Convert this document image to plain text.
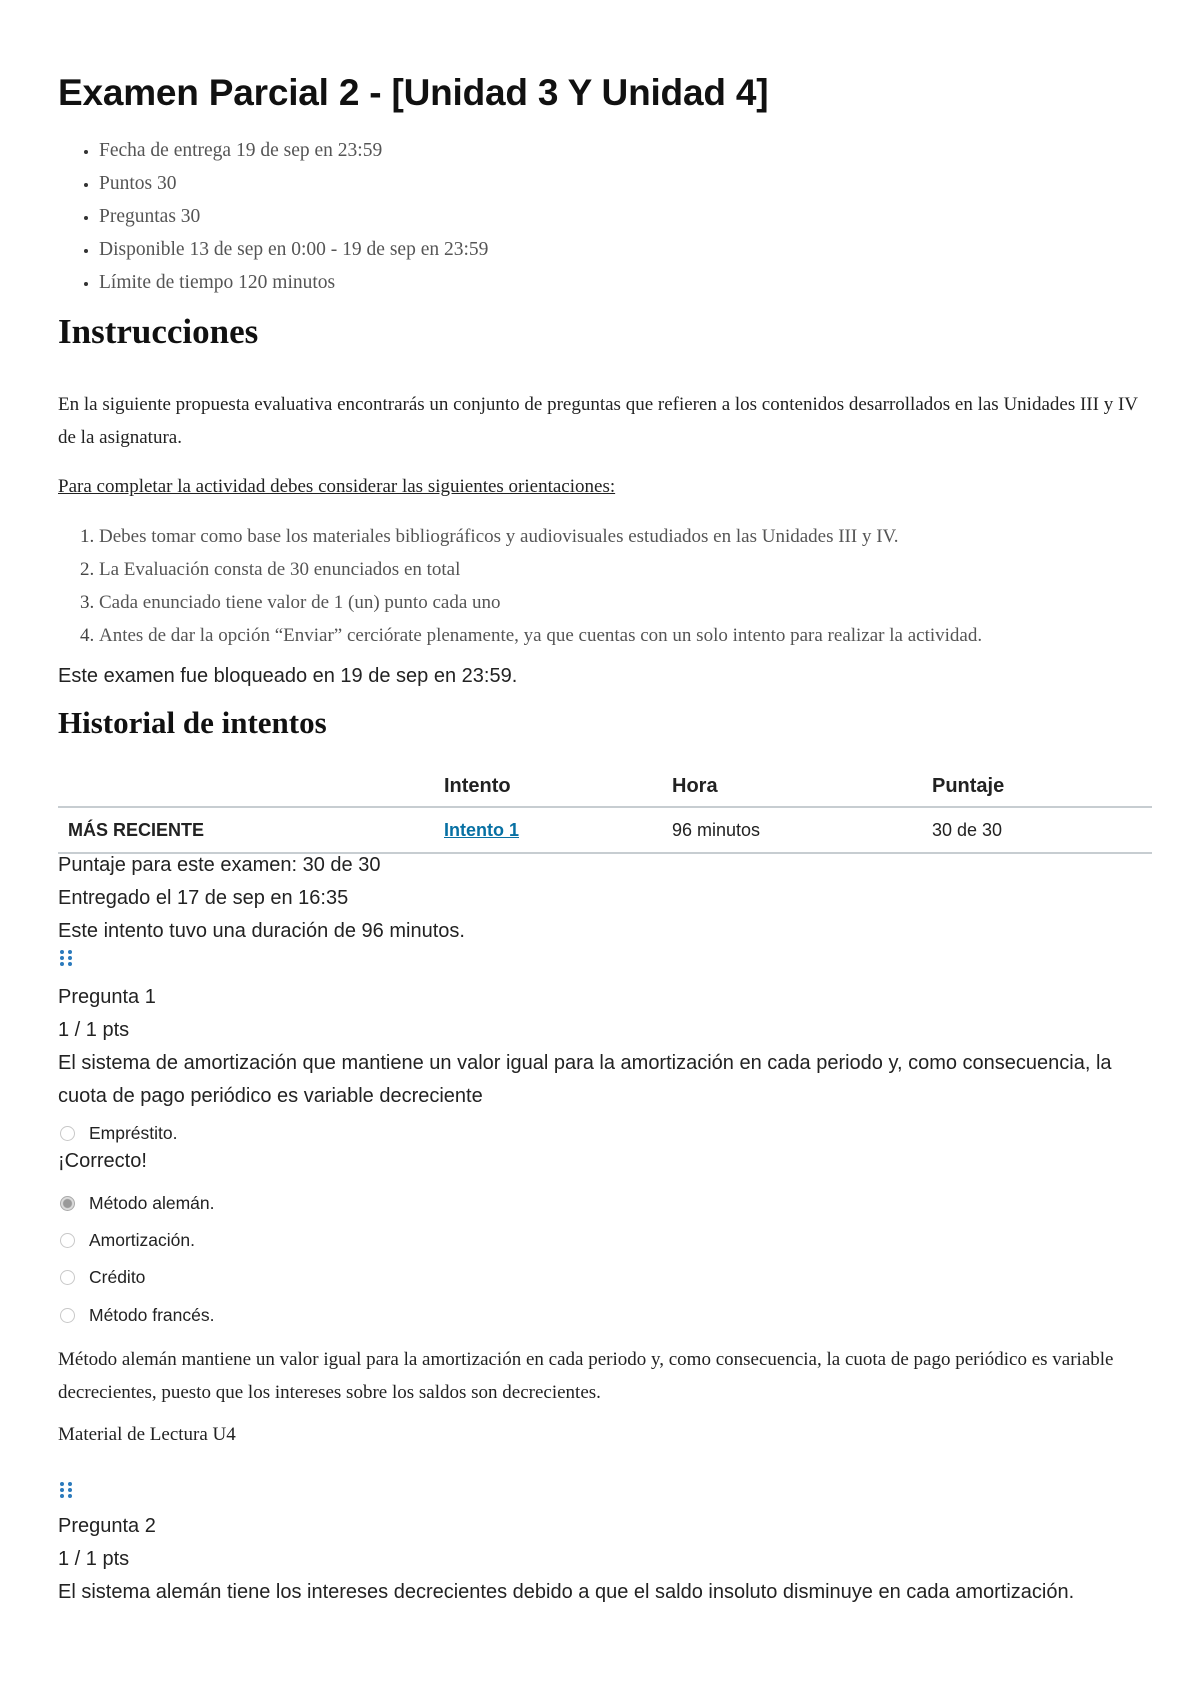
Examen Parcial 2 - [Unidad 3 Y Unidad 4]
• Fecha de entrega 19 de sep en 23:59
• Puntos 30
• Preguntas 30
• Disponible 13 de sep en 0:00 - 19 de sep en 23:59
• Límite de tiempo 120 minutos
Instrucciones

En la siguiente propuesta evaluativa encontrarás un conjunto de preguntas que refieren a los contenidos desarrollados en las Unidades III y IV de la asignatura.

Para completar la actividad debes considerar las siguientes orientaciones:

1. Debes tomar como base los materiales bibliográficos y audiovisuales estudiados en las Unidades III y IV.
2. La Evaluación consta de 30 enunciados en total
3. Cada enunciado tiene valor de 1 (un) punto cada uno
4. Antes de dar la opción “Enviar” cerciórate plenamente, ya que cuentas con un solo intento para realizar la actividad.

Este examen fue bloqueado en 19 de sep en 23:59.

Historial de intentos
	Intento	Hora	Puntaje
MÁS RECIENTE	Intento 1	96 minutos	30 de 30

Puntaje para este examen: 30 de 30

Entregado el 17 de sep en 16:35

Este intento tuvo una duración de 96 minutos.

Pregunta 1

1 / 1 pts

El sistema de amortización que mantiene un valor igual para la amortización en cada periodo y, como consecuencia, la cuota de pago periódico es variable decreciente

Empréstito.

¡Correcto!

Método alemán.
Amortización.
Crédito
Método francés.

Método alemán mantiene un valor igual para la amortización en cada periodo y, como consecuencia, la cuota de pago periódico es variable decrecientes, puesto que los intereses sobre los saldos son decrecientes.

Material de Lectura U4

Pregunta 2

1 / 1 pts

El sistema alemán tiene los intereses decrecientes debido a que el saldo insoluto disminuye en cada amortización.
